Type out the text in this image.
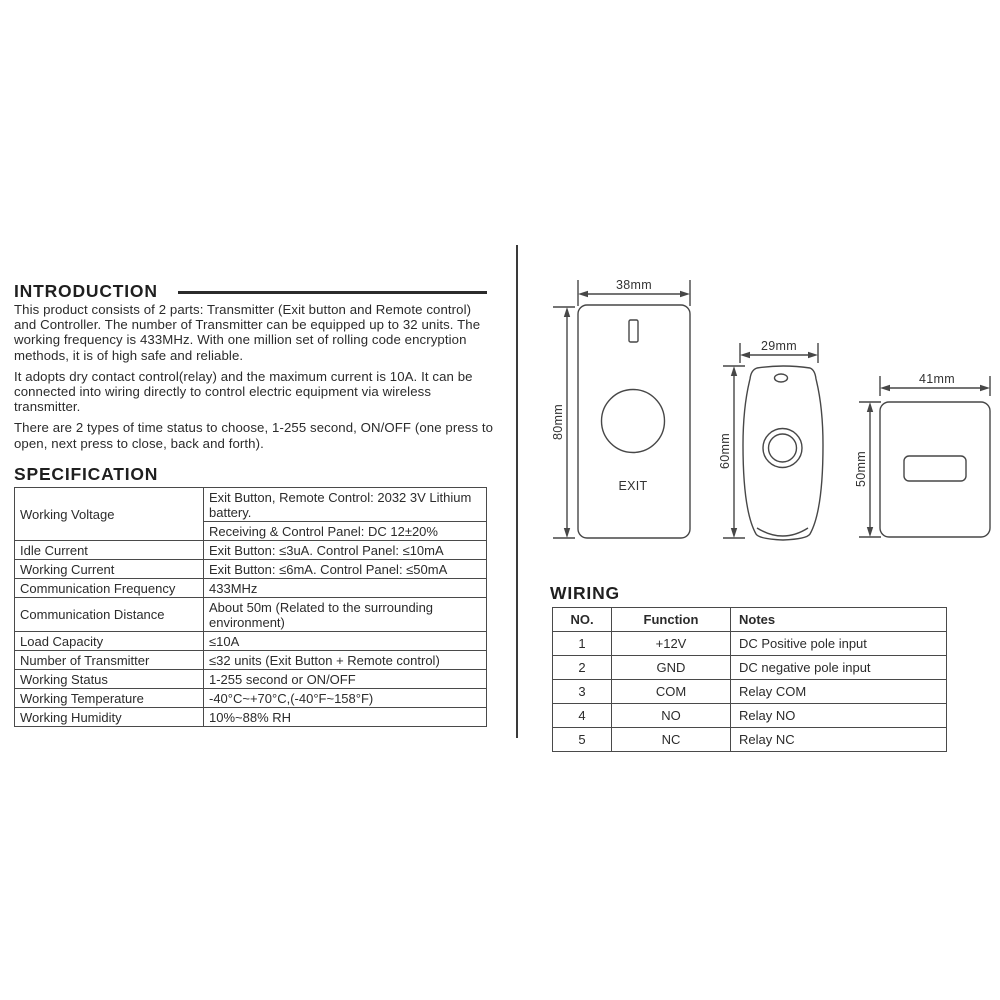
INTRODUCTION

This product consists of 2 parts: Transmitter (Exit button and Remote control) and Controller. The number of Transmitter can be equipped up to 32 units. The working frequency is 433MHz. With one million set of rolling code encryption methods, it is of high safe and reliable.

It adopts dry contact control(relay) and the maximum current is 10A. It can be connected into wiring directly to control electric equipment via wireless transmitter.

There are 2 types of time status to choose, 1-255 second, ON/OFF (one press to open, next press to close, back and forth).

SPECIFICATION
Working Voltage	Exit Button, Remote Control: 2032 3V Lithium battery.
	Receiving & Control Panel: DC 12±20%
Idle Current	Exit Button: ≤3uA. Control Panel: ≤10mA
Working Current	Exit Button: ≤6mA. Control Panel: ≤50mA
Communication Frequency	433MHz
Communication Distance	About 50m (Related to the surrounding environment)
Load Capacity	≤10A
Number of Transmitter	≤32 units (Exit Button + Remote control)
Working Status	1-255 second or ON/OFF
Working Temperature	-40°C~+70°C,(-40°F~158°F)
Working Humidity	10%~88% RH
38mm
80mm
EXIT
29mm
60mm
41mm
50mm
WIRING
NO.	Function	Notes
1	+12V	DC Positive pole input
2	GND	DC negative pole input
3	COM	Relay COM
4	NO	Relay NO
5	NC	Relay NC
